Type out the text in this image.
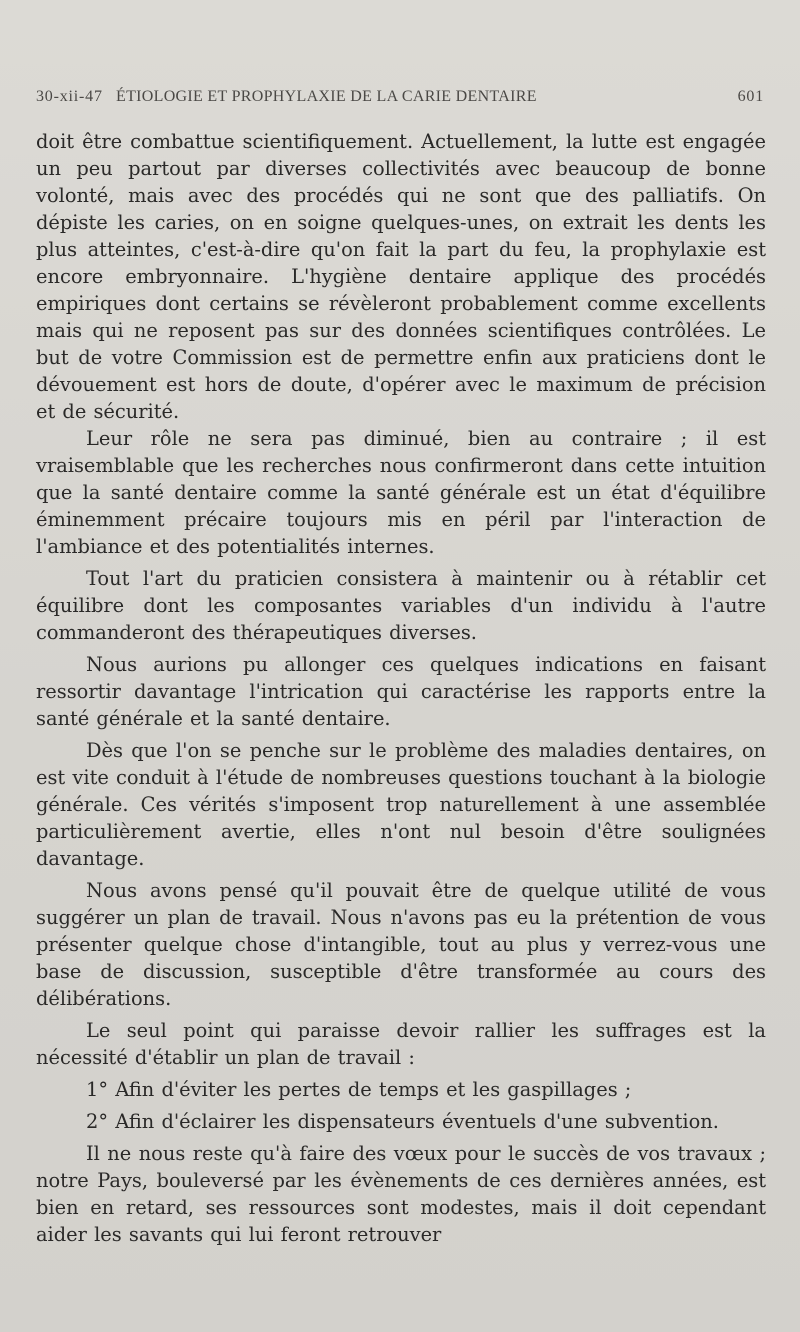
30-xii-47 ÉTIOLOGIE ET PROPHYLAXIE DE LA CARIE DENTAIRE	601

doit être combattue scientifiquement. Actuellement, la lutte est engagée un peu partout par diverses collectivités avec beaucoup de bonne volonté, mais avec des procédés qui ne sont que des palliatifs. On dépiste les caries, on en soigne quelques-unes, on extrait les dents les plus atteintes, c'est-à-dire qu'on fait la part du feu, la prophylaxie est encore embryonnaire. L'hygiène dentaire applique des procédés empiriques dont certains se révèleront probablement comme excellents mais qui ne reposent pas sur des données scientifiques contrôlées. Le but de votre Commission est de permettre enfin aux praticiens dont le dévouement est hors de doute, d'opérer avec le maximum de précision et de sécurité.

Leur rôle ne sera pas diminué, bien au contraire ; il est vraisemblable que les recherches nous confirmeront dans cette intuition que la santé dentaire comme la santé générale est un état d'équilibre éminemment précaire toujours mis en péril par l'interaction de l'ambiance et des potentialités internes.

Tout l'art du praticien consistera à maintenir ou à rétablir cet équilibre dont les composantes variables d'un individu à l'autre commanderont des thérapeutiques diverses.

Nous aurions pu allonger ces quelques indications en faisant ressortir davantage l'intrication qui caractérise les rapports entre la santé générale et la santé dentaire.

Dès que l'on se penche sur le problème des maladies dentaires, on est vite conduit à l'étude de nombreuses questions touchant à la biologie générale. Ces vérités s'imposent trop naturellement à une assemblée particulièrement avertie, elles n'ont nul besoin d'être soulignées davantage.

Nous avons pensé qu'il pouvait être de quelque utilité de vous suggérer un plan de travail. Nous n'avons pas eu la prétention de vous présenter quelque chose d'intangible, tout au plus y verrez-vous une base de discussion, susceptible d'être transformée au cours des délibérations.

Le seul point qui paraisse devoir rallier les suffrages est la nécessité d'établir un plan de travail :

1° Afin d'éviter les pertes de temps et les gaspillages ;

2° Afin d'éclairer les dispensateurs éventuels d'une subvention.

Il ne nous reste qu'à faire des vœux pour le succès de vos travaux ; notre Pays, bouleversé par les évènements de ces dernières années, est bien en retard, ses ressources sont modestes, mais il doit cependant aider les savants qui lui feront retrouver
